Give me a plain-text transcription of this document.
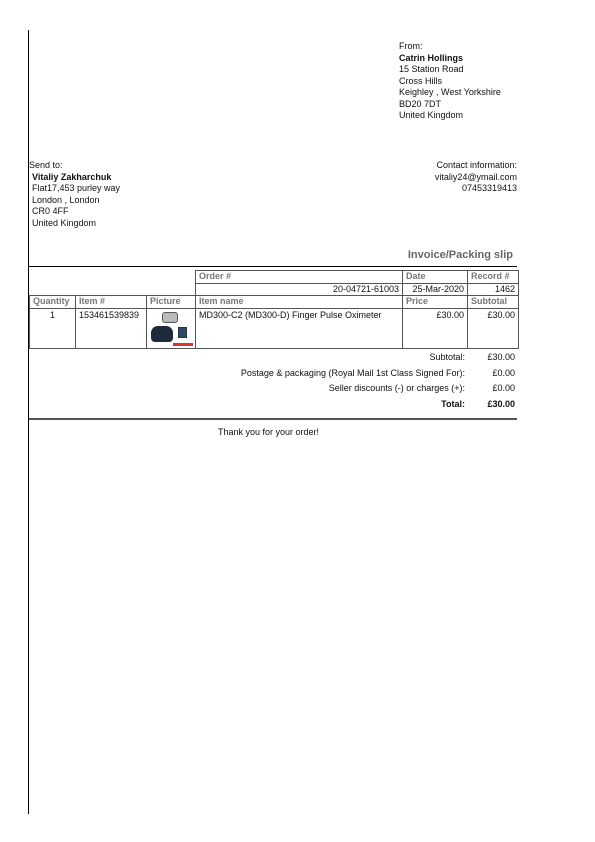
From:
Catrin Hollings
15 Station Road
Cross Hills
Keighley , West Yorkshire
BD20 7DT
United Kingdom
Send to:
Vitaliy Zakharchuk
Flat17,453 purley way
London , London
CR0 4FF
United Kingdom
Contact information:
vitaliy24@ymail.com
07453319413
Invoice/Packing slip
			Order #	Date	Record #
			20-04721-61003	25-Mar-2020	1462
Quantity	Item #	Picture	Item name	Price	Subtotal
1	153461539839		MD300-C2 (MD300-D) Finger Pulse Oximeter	£30.00	£30.00
Subtotal: £30.00
Postage & packaging (Royal Mail 1st Class Signed For):	£0.00
Seller discounts (-) or charges (+):	£0.00
Total: £30.00
Thank you for your order!
